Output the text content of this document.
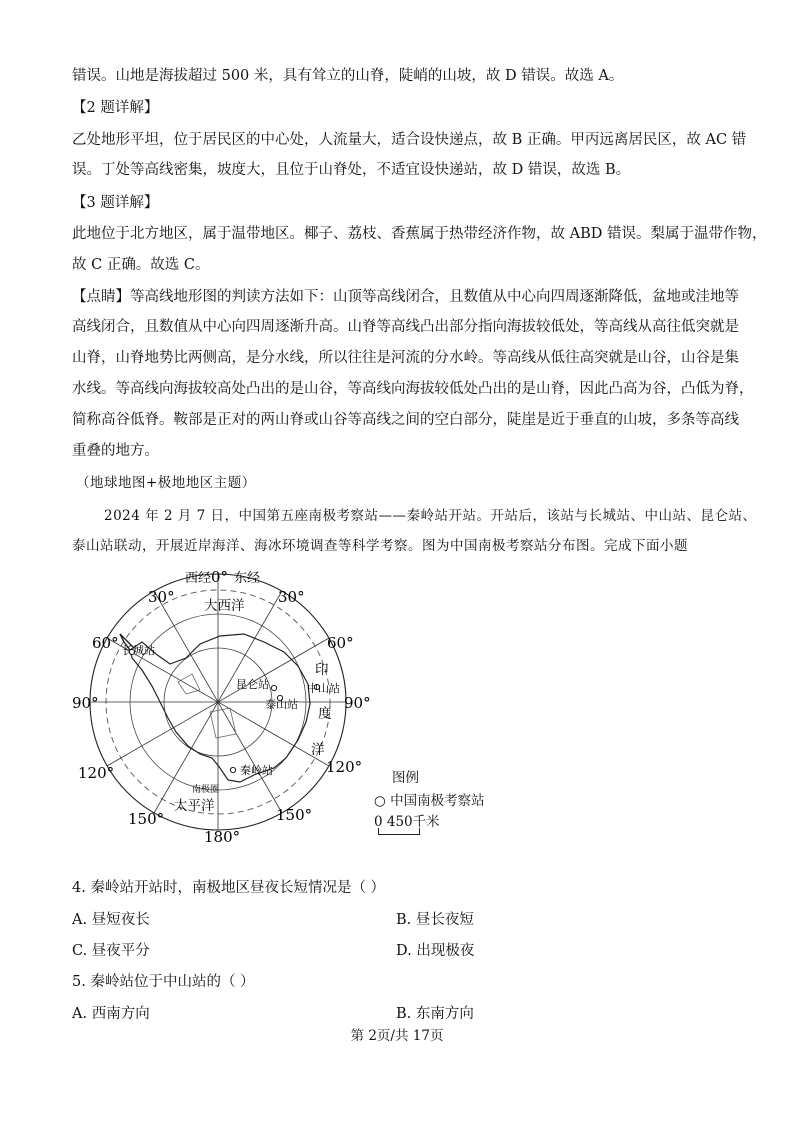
错误。山地是海拔超过 500 米，具有耸立的山脊，陡峭的山坡，故 D 错误。故选 A。
【2 题详解】
乙处地形平坦，位于居民区的中心处，人流量大，适合设快递点，故 B 正确。甲丙远离居民区，故 AC 错
误。丁处等高线密集，坡度大，且位于山脊处，不适宜设快递站，故 D 错误，故选 B。
【3 题详解】
此地位于北方地区，属于温带地区。椰子、荔枝、香蕉属于热带经济作物，故 ABD 错误。梨属于温带作物，
故 C 正确。故选 C。
【点睛】等高线地形图的判读方法如下：山顶等高线闭合，且数值从中心向四周逐渐降低，盆地或洼地等
高线闭合，且数值从中心向四周逐渐升高。山脊等高线凸出部分指向海拔较低处，等高线从高往低突就是
山脊，山脊地势比两侧高，是分水线，所以往往是河流的分水岭。等高线从低往高突就是山谷，山谷是集
水线。等高线向海拔较高处凸出的是山谷，等高线向海拔较低处凸出的是山脊，因此凸高为谷，凸低为脊，
简称高谷低脊。鞍部是正对的两山脊或山谷等高线之间的空白部分，陡崖是近于垂直的山坡，多条等高线
重叠的地方。
（地球地图+极地地区主题）
2024 年 2 月 7 日，中国第五座南极考察站——秦岭站开站。开站后，该站与长城站、中山站、昆仑站、
泰山站联动，开展近岸海洋、海冰环境调查等科学考察。图为中国南极考察站分布图。完成下面小题
西经 0° 东经
30°	30°
60°	60°
90°	90°
120°	120°
150°	150°
180°
大西洋
印
度
洋
太平洋
南极圈
长城站
昆仑站	中山站
泰山站
秦岭站	图例
○ 中国南极考察站
0 450千米
4. 秦岭站开站时，南极地区昼夜长短情况是（ ）
A. 昼短夜长	B. 昼长夜短
C. 昼夜平分	D. 出现极夜
5. 秦岭站位于中山站的（ ）
A. 西南方向	B. 东南方向
第 2页/共 17页
